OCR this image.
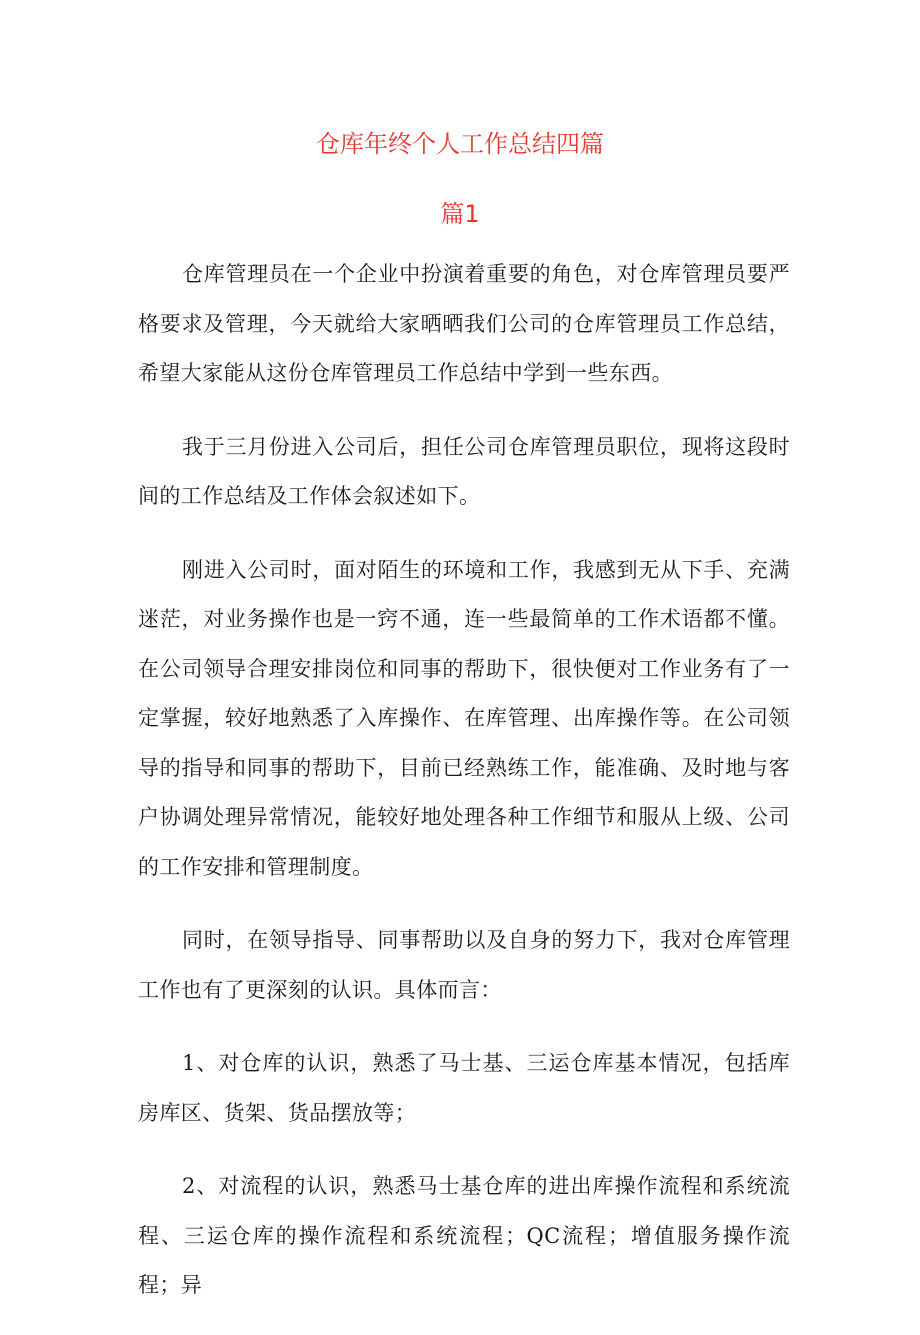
仓库年终个人工作总结四篇
篇1

仓库管理员在一个企业中扮演着重要的角色，对仓库管理员要严格要求及管理，今天就给大家晒晒我们公司的仓库管理员工作总结，希望大家能从这份仓库管理员工作总结中学到一些东西。

我于三月份进入公司后，担任公司仓库管理员职位，现将这段时间的工作总结及工作体会叙述如下。

刚进入公司时，面对陌生的环境和工作，我感到无从下手、充满迷茫，对业务操作也是一窍不通，连一些最简单的工作术语都不懂。在公司领导合理安排岗位和同事的帮助下，很快便对工作业务有了一定掌握，较好地熟悉了入库操作、在库管理、出库操作等。在公司领导的指导和同事的帮助下，目前已经熟练工作，能准确、及时地与客户协调处理异常情况，能较好地处理各种工作细节和服从上级、公司的工作安排和管理制度。

同时，在领导指导、同事帮助以及自身的努力下，我对仓库管理工作也有了更深刻的认识。具体而言：

1、对仓库的认识，熟悉了马士基、三运仓库基本情况，包括库房库区、货架、货品摆放等；

2、对流程的认识，熟悉马士基仓库的进出库操作流程和系统流程、三运仓库的操作流程和系统流程；QC流程；增值服务操作流程；异
